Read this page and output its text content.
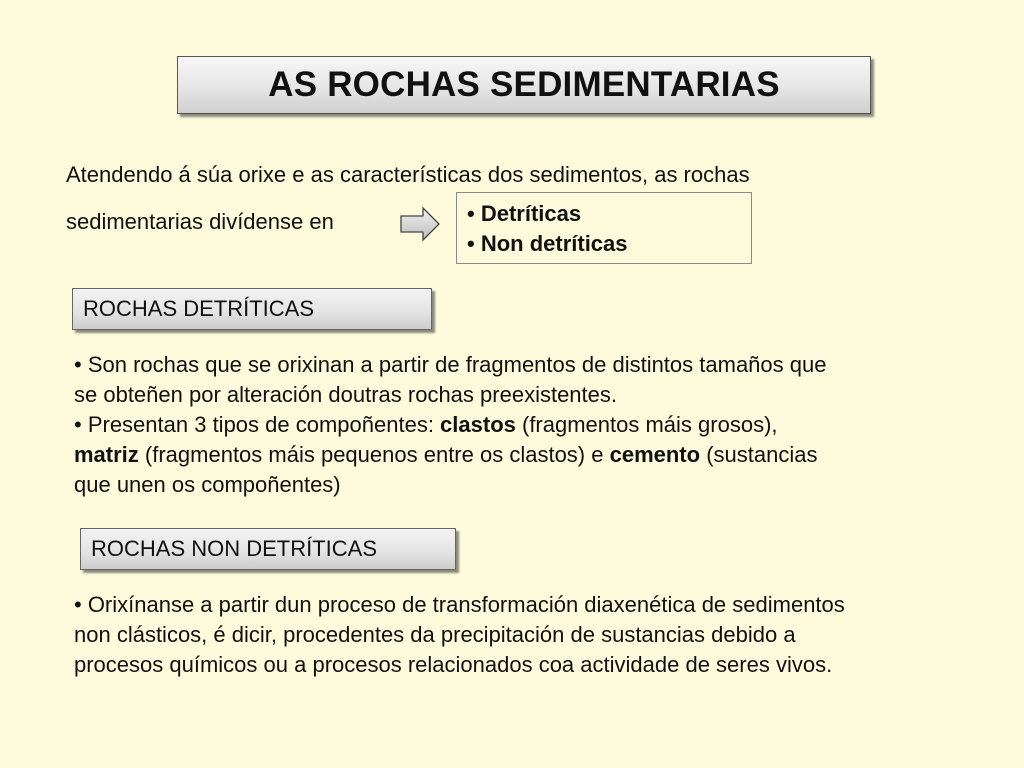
AS ROCHAS SEDIMENTARIAS
Atendendo á súa orixe e as características dos sedimentos, as rochas
sedimentarias divídense en	• Detríticas
• Non detríticas
ROCHAS DETRÍTICAS
• Son rochas que se orixinan a partir de fragmentos de distintos tamaños que
se obteñen por alteración doutras rochas preexistentes.
• Presentan 3 tipos de compoñentes: clastos (fragmentos máis grosos),
matriz (fragmentos máis pequenos entre os clastos) e cemento (sustancias
que unen os compoñentes)
ROCHAS NON DETRÍTICAS
• Orixínanse a partir dun proceso de transformación diaxenética de sedimentos
non clásticos, é dicir, procedentes da precipitación de sustancias debido a
procesos químicos ou a procesos relacionados coa actividade de seres vivos.
